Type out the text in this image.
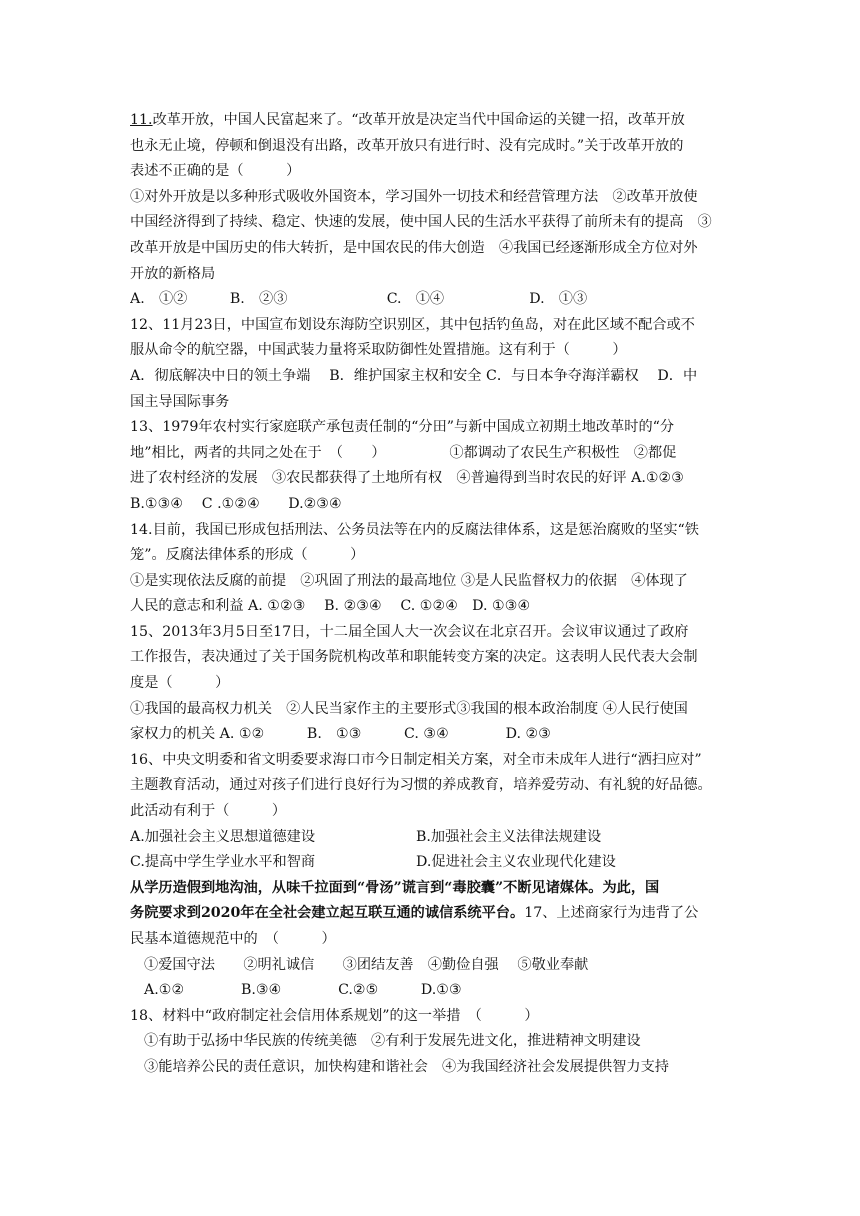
11.改革开放，中国人民富起来了。“改革开放是决定当代中国命运的关键一招，改革开放
也永无止境，停顿和倒退没有出路，改革开放只有进行时、没有完成时。”关于改革开放的
表述不正确的是（　　　）
①对外开放是以多种形式吸收外国资本，学习国外一切技术和经营管理方法　②改革开放使
中国经济得到了持续、稳定、快速的发展，使中国人民的生活水平获得了前所未有的提高　③
改革开放是中国历史的伟大转折，是中国农民的伟大创造　④我国已经逐渐形成全方位对外
开放的新格局
A.　①②　　　B.　②③　　　　　　　C.　①④　　　　　　D.　①③
12、11月23日，中国宣布划设东海防空识别区，其中包括钓鱼岛，对在此区域不配合或不
服从命令的航空器，中国武装力量将采取防御性处置措施。这有利于（　　　）
A．彻底解决中日的领土争端　 B．维护国家主权和安全 C．与日本争夺海洋霸权　 D．中
国主导国际事务
13、1979年农村实行家庭联产承包责任制的“分田”与新中国成立初期土地改革时的“分
地”相比，两者的共同之处在于　（　　）　　　　　①都调动了农民生产积极性　②都促
进了农村经济的发展　③农民都获得了土地所有权　④普遍得到当时农民的好评 A.①②③
B.①③④　 C .①②④　　D.②③④
14.目前，我国已形成包括刑法、公务员法等在内的反腐法律体系，这是惩治腐败的坚实“铁
笼”。反腐法律体系的形成（　　　）
①是实现依法反腐的前提　②巩固了刑法的最高地位 ③是人民监督权力的依据　④体现了
人民的意志和利益 A. ①②③　 B. ②③④　 C. ①②④　D. ①③④
15、2013年3月5日至17日，十二届全国人大一次会议在北京召开。会议审议通过了政府
工作报告，表决通过了关于国务院机构改革和职能转变方案的决定。这表明人民代表大会制
度是（　　　）
①我国的最高权力机关　②人民当家作主的主要形式③我国的根本政治制度 ④人民行使国
家权力的机关 A. ①②　　　B.　①③　　　C. ③④　　　　D. ②③
16、中央文明委和省文明委要求海口市今日制定相关方案，对全市未成年人进行“洒扫应对”
主题教育活动，通过对孩子们进行良好行为习惯的养成教育，培养爱劳动、有礼貌的好品德。
此活动有利于（　　　）
A.加强社会主义思想道德建设	B.加强社会主义法律法规建设
C.提高中学生学业水平和智商	D.促进社会主义农业现代化建设
从学历造假到地沟油，从味千拉面到“骨汤”谎言到“毒胶囊”不断见诸媒体。为此，国
务院要求到2020年在全社会建立起互联互通的诚信系统平台。17、上述商家行为违背了公
民基本道德规范中的　（　　　）
①爱国守法　　②明礼诚信　　③团结友善　④勤俭自强　 ⑤敬业奉献
A.①②　　　　B.③④　　　　C.②⑤　　　D.①③
18、材料中“政府制定社会信用体系规划”的这一举措　（　　　）
①有助于弘扬中华民族的传统美德　②有利于发展先进文化，推进精神文明建设
③能培养公民的责任意识，加快构建和谐社会　④为我国经济社会发展提供智力支持
